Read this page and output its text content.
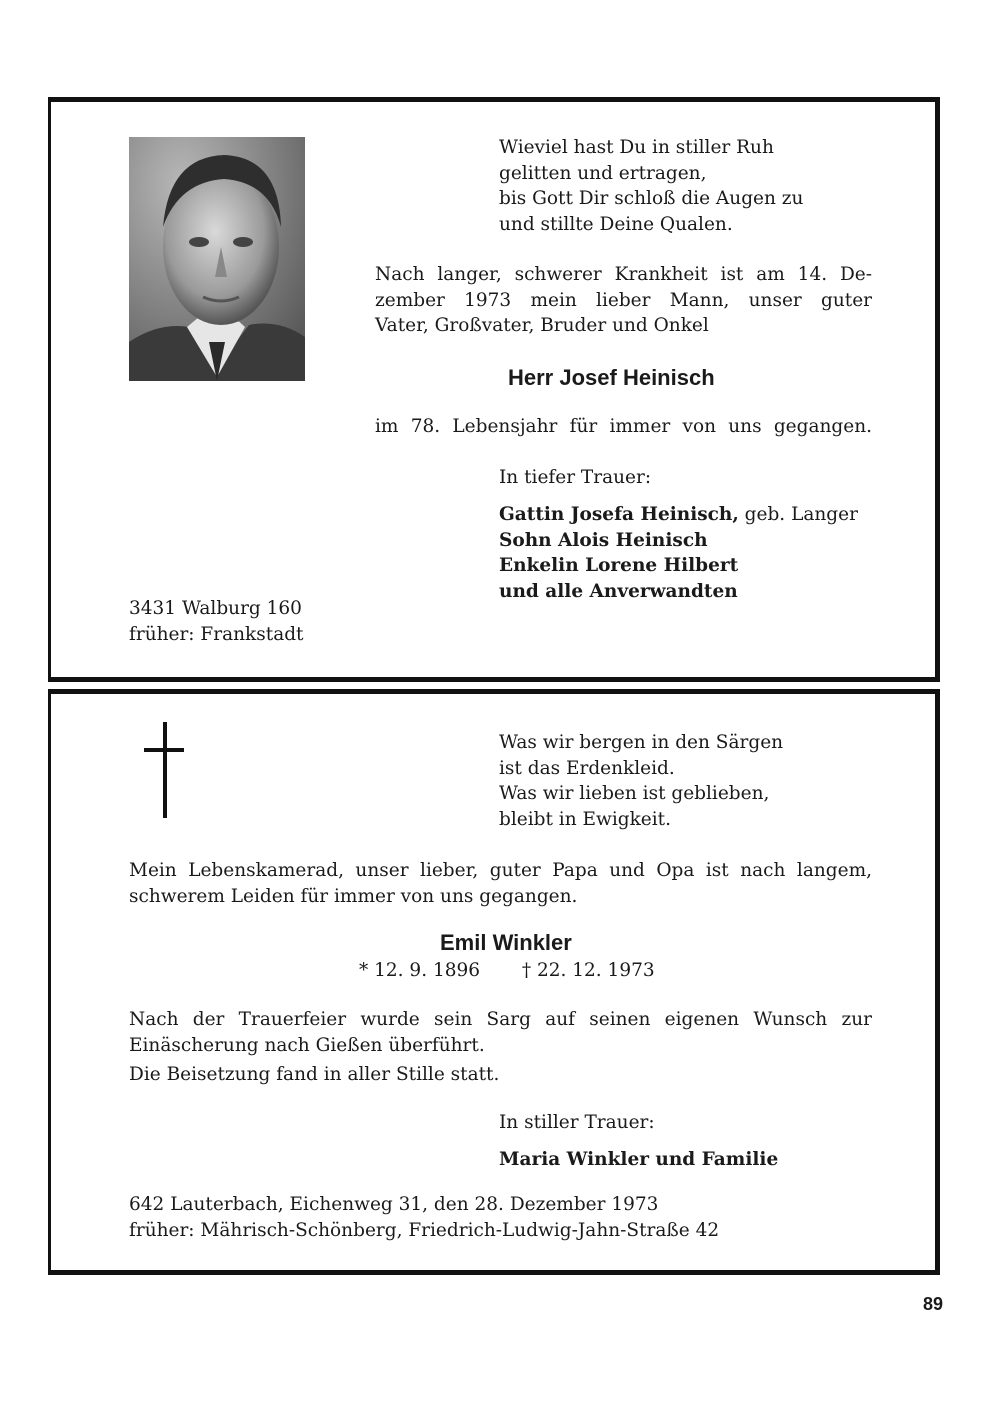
Wieviel hast Du in stiller Ruh
gelitten und ertragen,
bis Gott Dir schloß die Augen zu
und stillte Deine Qualen.
Nach langer, schwerer Krankheit ist am 14. De-
zember 1973 mein lieber Mann, unser guter
Vater, Großvater, Bruder und Onkel
Herr Josef Heinisch
im 78. Lebensjahr für immer von uns gegangen.
In tiefer Trauer:
Gattin Josefa Heinisch, geb. Langer
Sohn Alois Heinisch
Enkelin Lorene Hilbert
und alle Anverwandten
3431 Walburg 160
früher: Frankstadt
Was wir bergen in den Särgen
ist das Erdenkleid.
Was wir lieben ist geblieben,
bleibt in Ewigkeit.
Mein Lebenskamerad, unser lieber, guter Papa und Opa ist nach langem,
schwerem Leiden für immer von uns gegangen.
Emil Winkler
* 12. 9. 1896 † 22. 12. 1973
Nach der Trauerfeier wurde sein Sarg auf seinen eigenen Wunsch zur
Einäscherung nach Gießen überführt.
Die Beisetzung fand in aller Stille statt.
In stiller Trauer:
Maria Winkler und Familie
642 Lauterbach, Eichenweg 31, den 28. Dezember 1973
früher: Mährisch-Schönberg, Friedrich-Ludwig-Jahn-Straße 42
89
